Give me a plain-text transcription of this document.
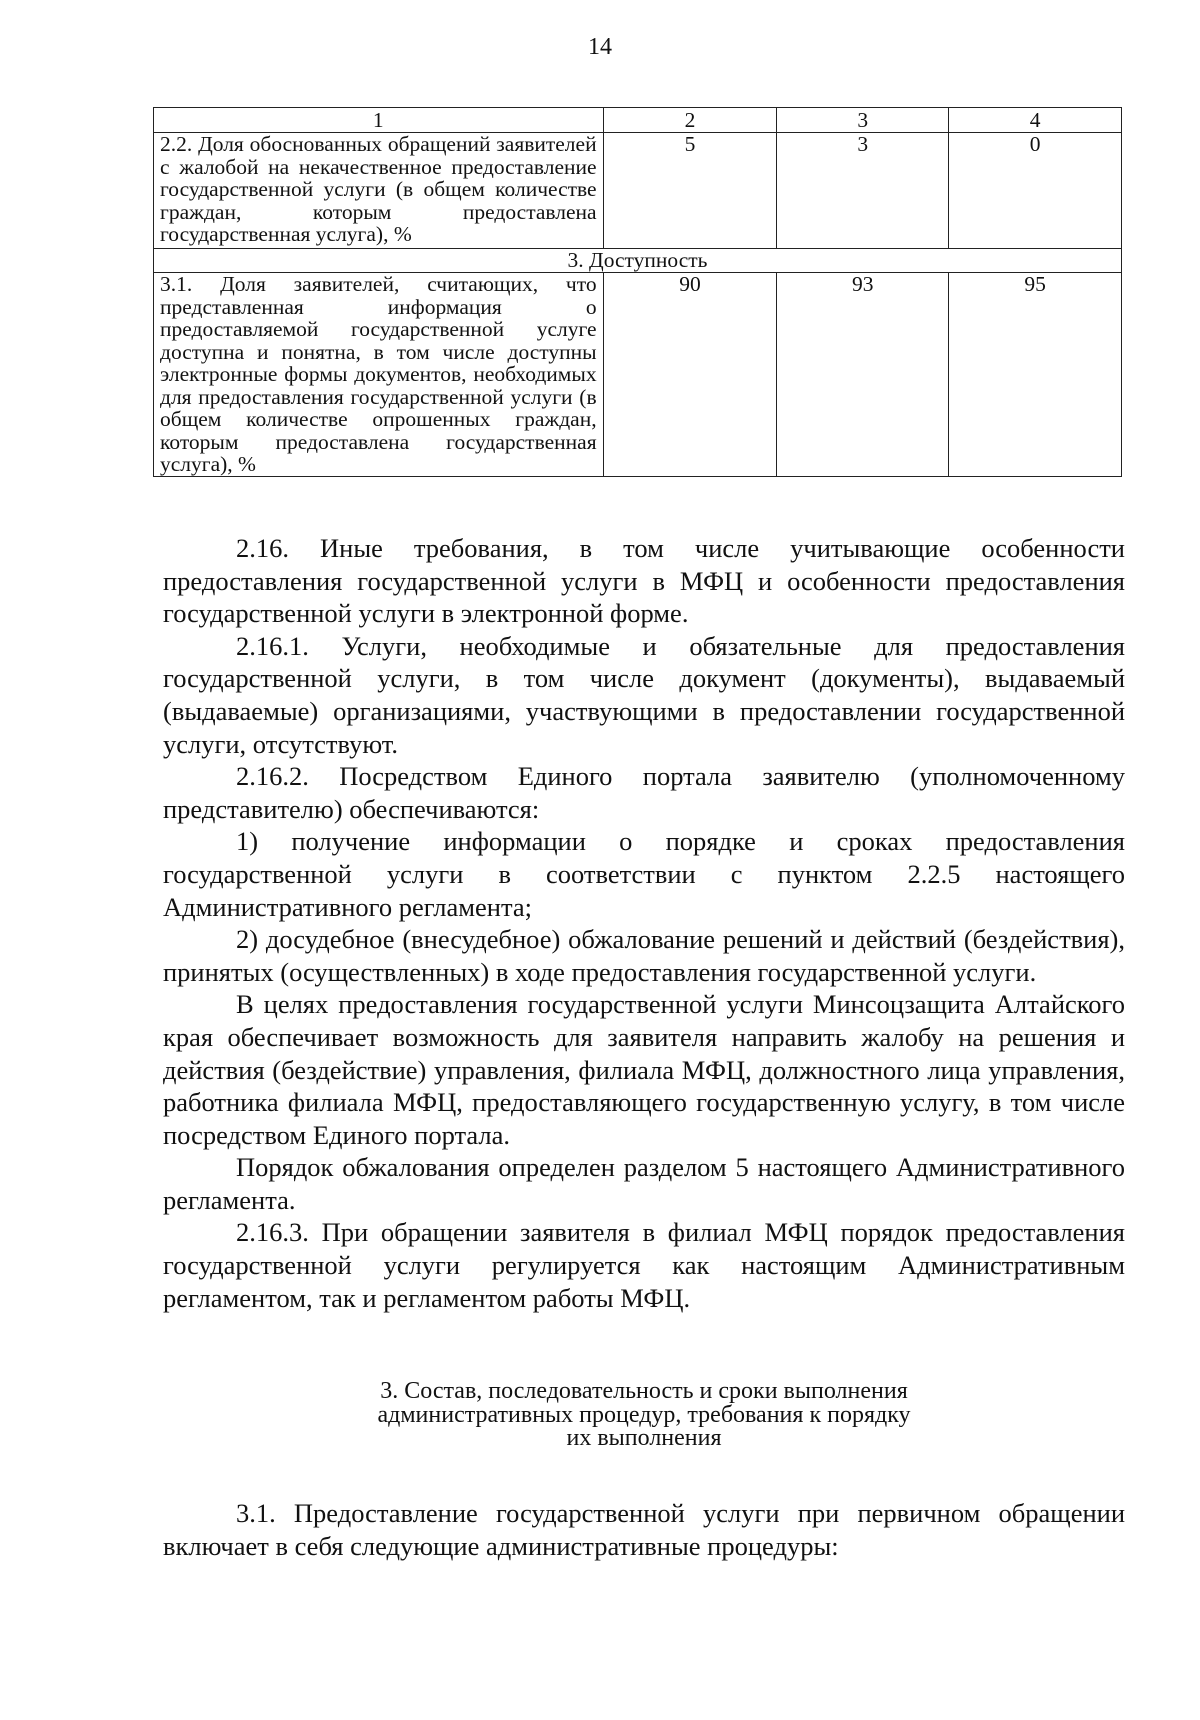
14
1	2	3	4
2.2. Доля обоснованных обращений заявителей с жалобой на некачественное предоставление государственной услуги (в общем количестве граждан, которым предоставлена государственная услуга), %	5	3	0
3. Доступность			
3.1. Доля заявителей, считающих, что представленная информация о предоставляемой государственной услуге доступна и понятна, в том числе доступны электронные формы документов, необходимых для предоставления государственной услуги (в общем количестве опрошенных граждан, которым предоставлена государственная услуга), %	90	93	95

2.16. Иные требования, в том числе учитывающие особенности предоставления государственной услуги в МФЦ и особенности предоставления государственной услуги в электронной форме.

2.16.1. Услуги, необходимые и обязательные для предоставления государственной услуги, в том числе документ (документы), выдаваемый (выдаваемые) организациями, участвующими в предоставлении государственной услуги, отсутствуют.

2.16.2. Посредством Единого портала заявителю (уполномоченному представителю) обеспечиваются:

1) получение информации о порядке и сроках предоставления государственной услуги в соответствии с пунктом 2.2.5 настоящего Административного регламента;

2) досудебное (внесудебное) обжалование решений и действий (бездействия), принятых (осуществленных) в ходе предоставления государственной услуги.

В целях предоставления государственной услуги Минсоцзащита Алтайского края обеспечивает возможность для заявителя направить жалобу на решения и действия (бездействие) управления, филиала МФЦ, должностного лица управления, работника филиала МФЦ, предоставляющего государственную услугу, в том числе посредством Единого портала.

Порядок обжалования определен разделом 5 настоящего Административного регламента.

2.16.3. При обращении заявителя в филиал МФЦ порядок предоставления государственной услуги регулируется как настоящим Административным регламентом, так и регламентом работы МФЦ.

3. Состав, последовательность и сроки выполнения
административных процедур, требования к порядку
их выполнения

3.1. Предоставление государственной услуги при первичном обращении включает в себя следующие административные процедуры:
